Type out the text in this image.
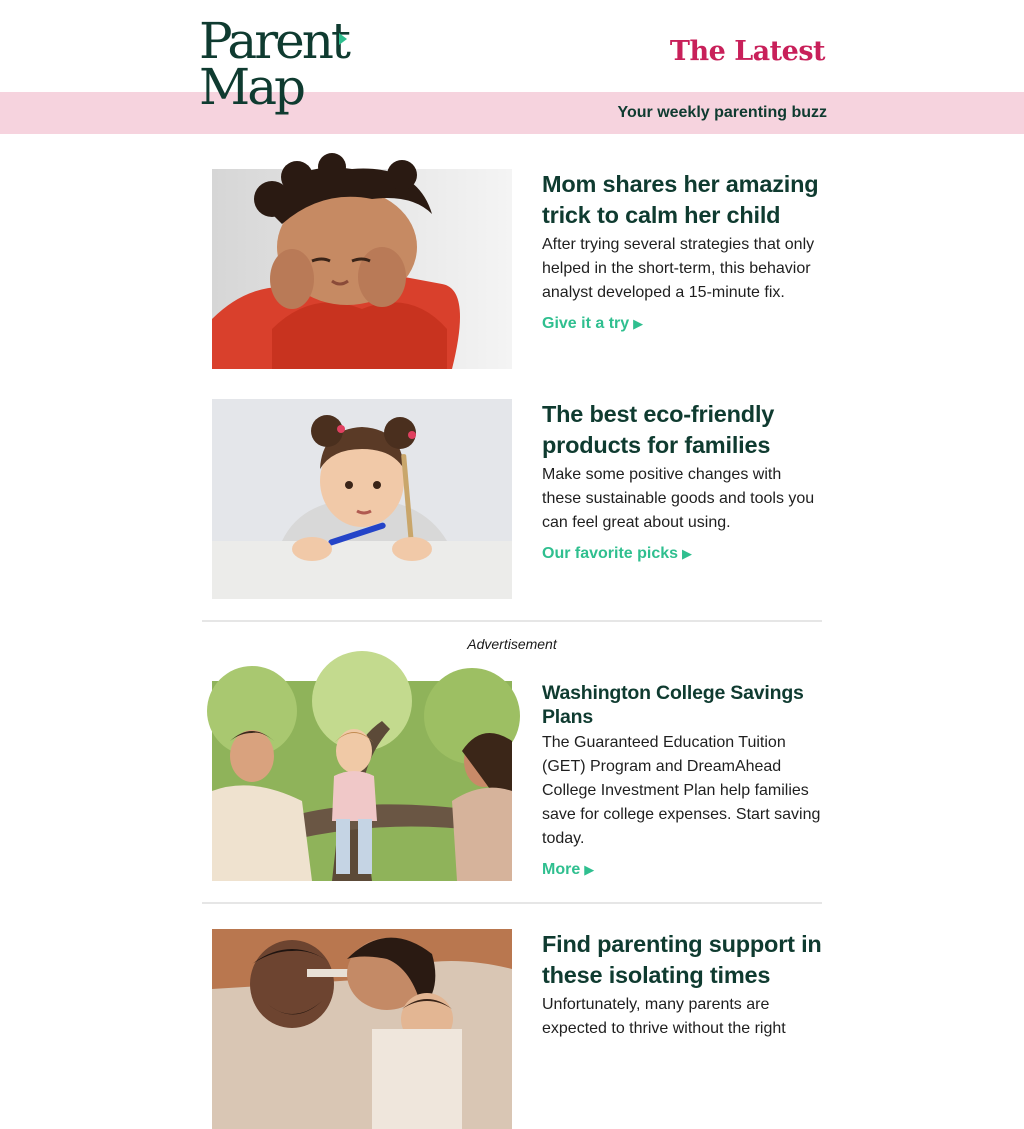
Parent
Map
The Latest
Your weekly parenting buzz
Mom shares her amazing trick to calm her child
After trying several strategies that only helped in the short-term, this behavior analyst developed a 15-minute fix.
Give it a try ▶
The best eco-friendly products for families
Make some positive changes with these sustainable goods and tools you can feel great about using.
Our favorite picks ▶
Advertisement
Washington College Savings Plans
The Guaranteed Education Tuition (GET) Program and DreamAhead College Investment Plan help families save for college expenses. Start saving today.
More ▶
Find parenting support in these isolating times
Unfortunately, many parents are expected to thrive without the right
